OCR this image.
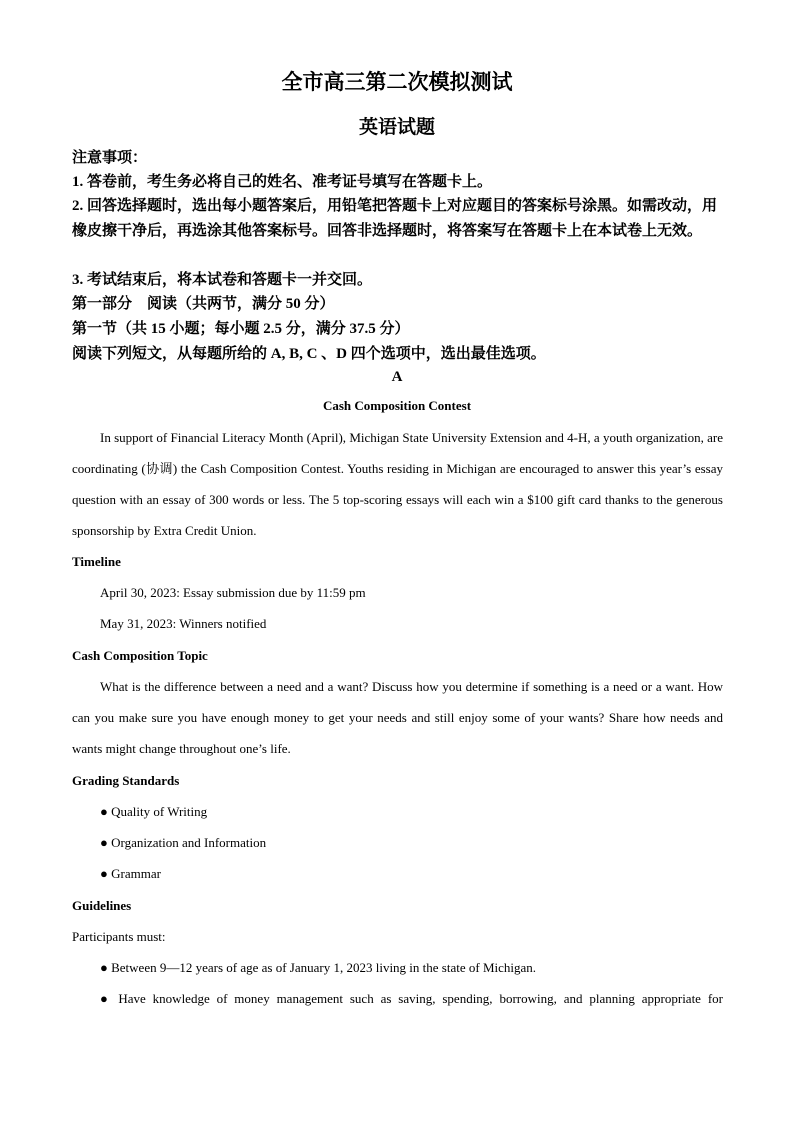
全市高三第二次模拟测试
英语试题
注意事项：
1. 答卷前，考生务必将自己的姓名、准考证号填写在答题卡上。
2. 回答选择题时，选出每小题答案后，用铅笔把答题卡上对应题目的答案标号涂黑。如需改动，用橡皮擦干净后，再选涂其他答案标号。回答非选择题时，将答案写在答题卡上在本试卷上无效。
3. 考试结束后，将本试卷和答题卡一并交回。
第一部分　阅读（共两节，满分 50 分）
第一节（共 15 小题；每小题 2.5 分，满分 37.5 分）
阅读下列短文，从每题所给的 A, B, C 、D 四个选项中，选出最佳选项。
A
Cash Composition Contest
In support of Financial Literacy Month (April), Michigan State University Extension and 4-H, a youth organization, are coordinating (协调) the Cash Composition Contest. Youths residing in Michigan are encouraged to answer this year’s essay question with an essay of 300 words or less. The 5 top-scoring essays will each win a $100 gift card thanks to the generous sponsorship by Extra Credit Union.
Timeline
April 30, 2023: Essay submission due by 11:59 pm
May 31, 2023: Winners notified
Cash Composition Topic
What is the difference between a need and a want? Discuss how you determine if something is a need or a want. How can you make sure you have enough money to get your needs and still enjoy some of your wants? Share how needs and wants might change throughout one’s life.
Grading Standards
● Quality of Writing
● Organization and Information
● Grammar
Guidelines
Participants must:
● Between 9—12 years of age as of January 1, 2023 living in the state of Michigan.
● Have knowledge of money management such as saving, spending, borrowing, and planning appropriate for
